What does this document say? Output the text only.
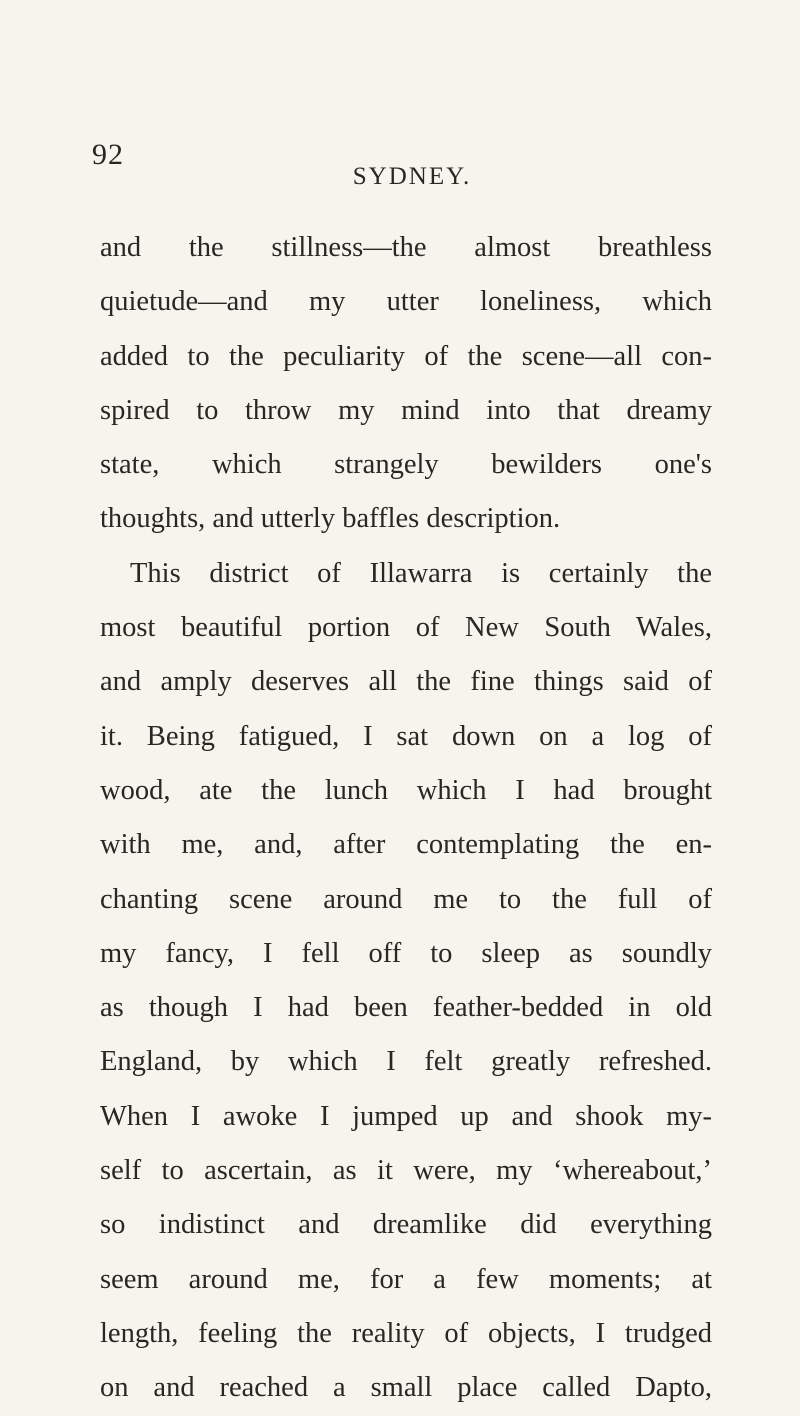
92
SYDNEY.
and the stillness—the almost breathless
quietude—and my utter loneliness, which
added to the peculiarity of the scene—all con-
spired to throw my mind into that dreamy
state, which strangely bewilders one's
thoughts, and utterly baffles description.
This district of Illawarra is certainly the
most beautiful portion of New South Wales,
and amply deserves all the fine things said of
it. Being fatigued, I sat down on a log of
wood, ate the lunch which I had brought
with me, and, after contemplating the en-
chanting scene around me to the full of
my fancy, I fell off to sleep as soundly
as though I had been feather-bedded in old
England, by which I felt greatly refreshed.
When I awoke I jumped up and shook my-
self to ascertain, as it were, my ‘whereabout,’
so indistinct and dreamlike did everything
seem around me, for a few moments; at
length, feeling the reality of objects, I trudged
on and reached a small place called Dapto,
